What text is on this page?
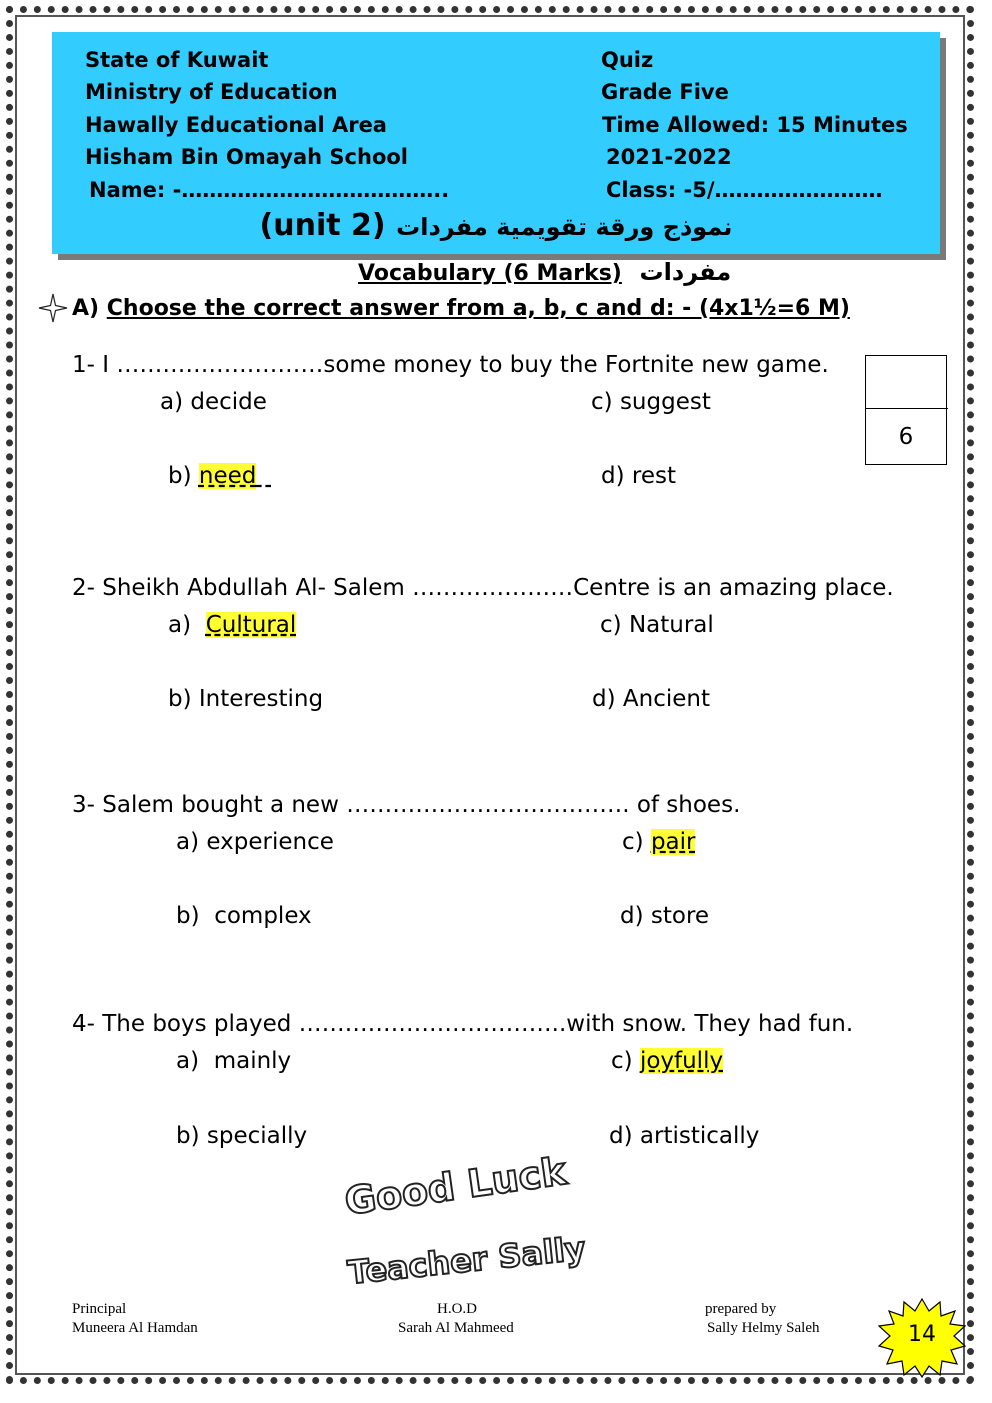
State of Kuwait
Ministry of Education
Hawally Educational Area
Hisham Bin Omayah School
Name: -………………………………..
Quiz
Grade Five
Time Allowed: 15 Minutes
2021-2022
Class: -5/……………………
(unit 2) نموذج ورقة تقويمية مفردات
Vocabulary (6 Marks) مفردات
A) Choose the correct answer from a, b, c and d: - (4x1½=6 M)
6
1- I ………………………some money to buy the Fortnite new game.
a) decide	c) suggest
b) need	d) rest
2- Sheikh Abdullah Al- Salem …………………Centre is an amazing place.
a) Cultural	c) Natural
b) Interesting	d) Ancient
3- Salem bought a new ………………………………. of shoes.
a) experience	c) pair
b) complex	d) store
4- The boys played ……………………………..with snow. They had fun.
a) mainly	c) joyfully
b) specially	d) artistically
Good Luck
Teacher Sally
Principal
Muneera Al Hamdan
H.O.D
Sarah Al Mahmeed
prepared by
Sally Helmy Saleh	14
